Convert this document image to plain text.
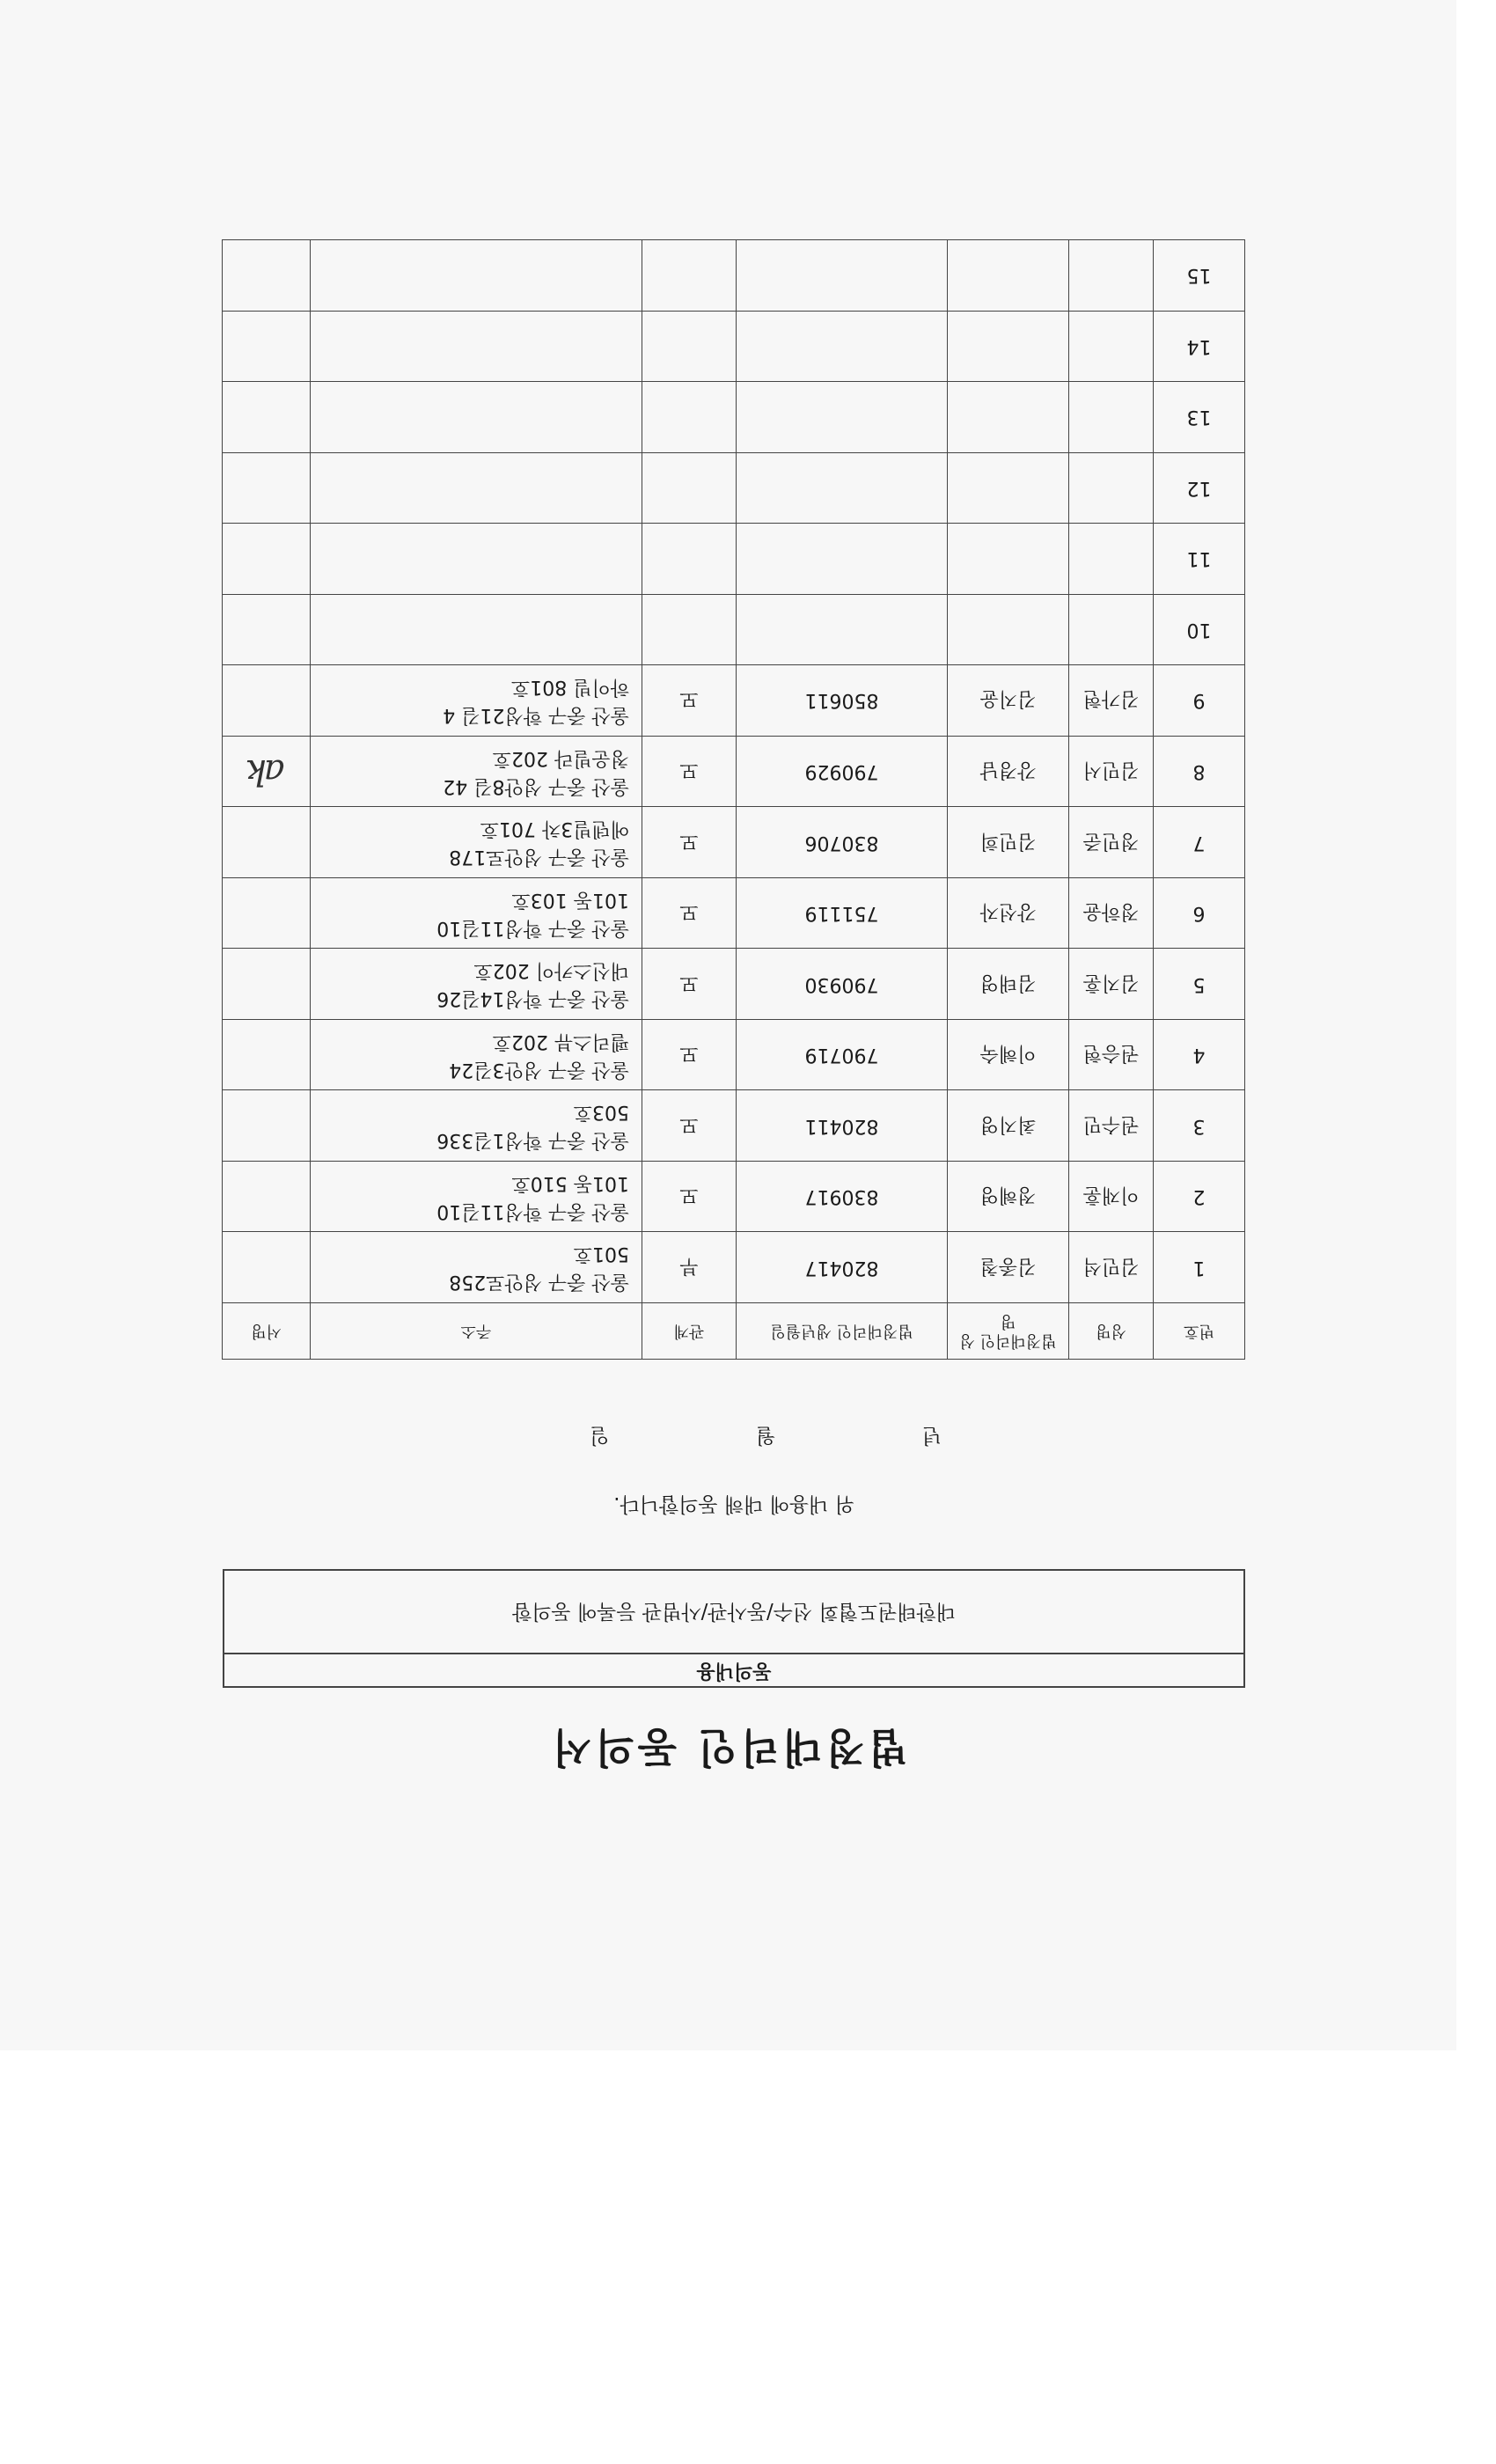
법정대리인 동의서
동의내용
대한태권도협회 선수/동사관/사범관 등록에 동의함
위 내용에 대해 동의합니다.
년
월
일
번호	성명	법정대리인 성명	법정대리인 생년월일	관계	주소	서명
1	김민석	김종철	820417	부	울산 중구 성안로258
501호	

2	이재훈	정혜영	830917	모	울산 중구 학성11길10
101동 510호	

3	권수민	최지영	820411	모	울산 중구 학성1길336
503호	

4	권승현	이혜숙	790719	모	울산 중구 성안3길24
펠리스뷰 202호	

5	김지훈	김태영	790930	모	울산 중구 학성14길26
대신스카이 202호	

6	정하윤	강선자	751119	모	울산 중구 학성11길10
101동 103호	

7	정민준	김민희	830706	모	울산 중구 성안로178
에덴빌3차 701호	

8	김민서	강경남	790929	모	울산 중구 성안8길 42
청운빌라 202호	ak
9	김가현	김지윤	850611	모	울산 중구 학성21길 4
하이빌 801호	

10					

11					

12					

13					

14					

15					
